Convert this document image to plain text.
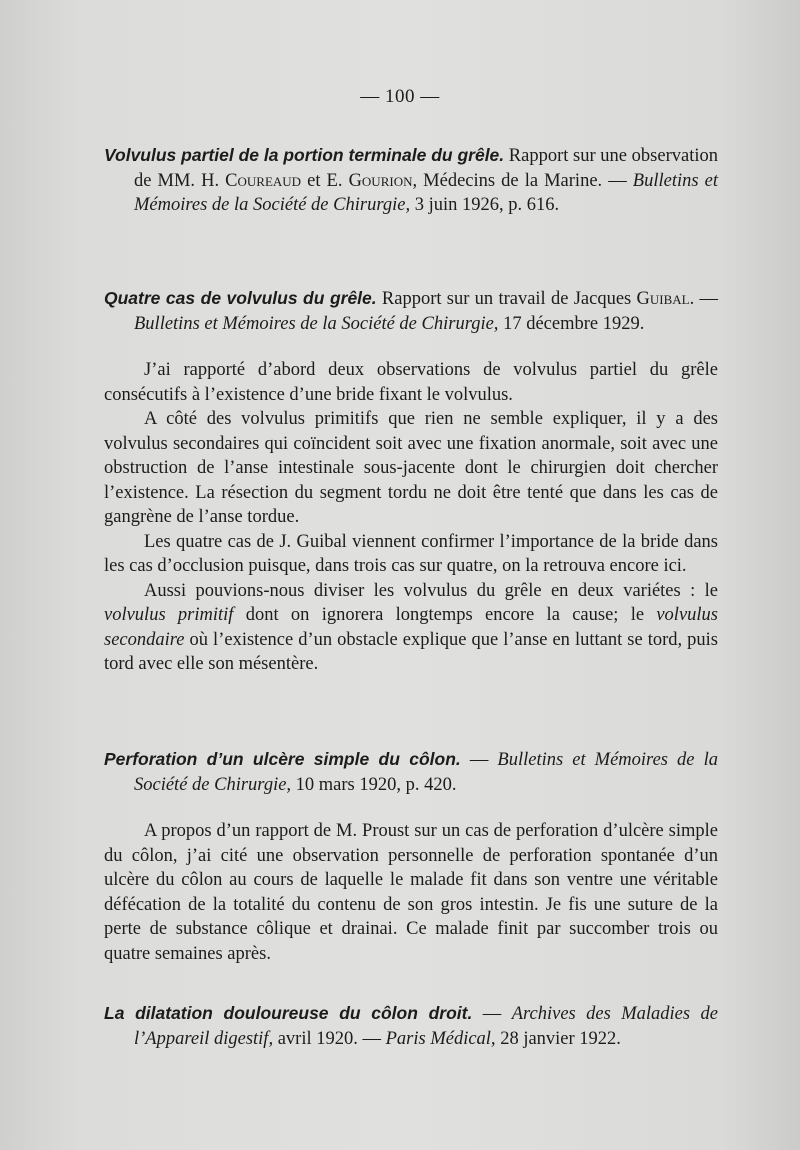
— 100 —

Volvulus partiel de la portion terminale du grêle. Rapport sur une observation de MM. H. Coureaud et E. Gourion, Médecins de la Marine. — Bulletins et Mémoires de la Société de Chirurgie, 3 juin 1926, p. 616.

Quatre cas de volvulus du grêle. Rapport sur un travail de Jacques Guibal. — Bulletins et Mémoires de la Société de Chirurgie, 17 décembre 1929.

J’ai rapporté d’abord deux observations de volvulus partiel du grêle consécutifs à l’existence d’une bride fixant le volvulus.

A côté des volvulus primitifs que rien ne semble expliquer, il y a des volvulus secondaires qui coïncident soit avec une fixation anormale, soit avec une obstruction de l’anse intestinale sous-jacente dont le chirurgien doit chercher l’existence. La résection du segment tordu ne doit être tenté que dans les cas de gangrène de l’anse tordue.

Les quatre cas de J. Guibal viennent confirmer l’importance de la bride dans les cas d’occlusion puisque, dans trois cas sur quatre, on la retrouva encore ici.

Aussi pouvions-nous diviser les volvulus du grêle en deux variétes : le volvulus primitif dont on ignorera longtemps encore la cause; le volvulus secondaire où l’existence d’un obstacle explique que l’anse en luttant se tord, puis tord avec elle son mésentère.

Perforation d’un ulcère simple du côlon. — Bulletins et Mémoires de la Société de Chirurgie, 10 mars 1920, p. 420.

A propos d’un rapport de M. Proust sur un cas de perforation d’ulcère simple du côlon, j’ai cité une observation personnelle de perforation spontanée d’un ulcère du côlon au cours de laquelle le malade fit dans son ventre une véritable défécation de la totalité du contenu de son gros intestin. Je fis une suture de la perte de substance côlique et drainai. Ce malade finit par succomber trois ou quatre semaines après.

La dilatation douloureuse du côlon droit. — Archives des Maladies de l’Appareil digestif, avril 1920. — Paris Médical, 28 janvier 1922.
